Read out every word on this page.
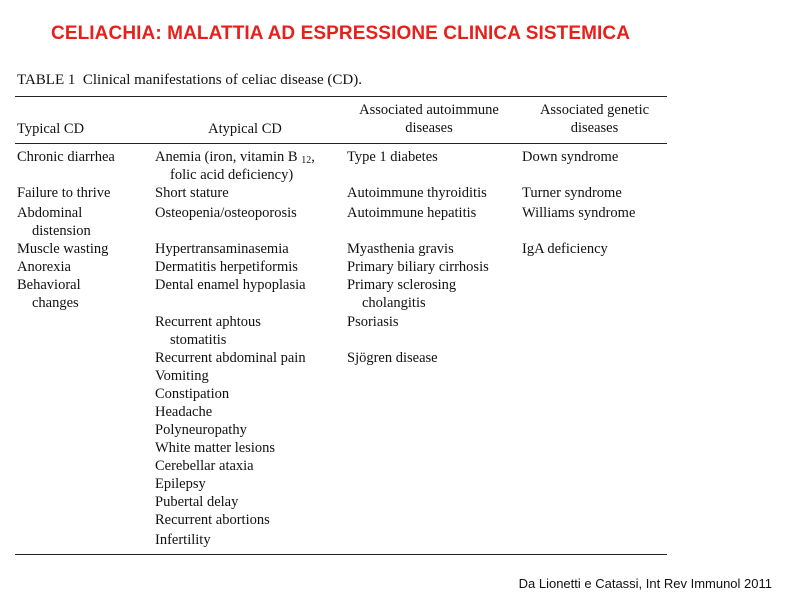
CELIACHIA: MALATTIA AD ESPRESSIONE CLINICA SISTEMICA
TABLE 1 Clinical manifestations of celiac disease (CD).
Typical CD	Atypical CD
Associated autoimmune
diseases
Associated genetic
diseases
Chronic diarrhea
Failure to thrive
Abdominal
distension
Muscle wasting
Anorexia
Behavioral
changes
Anemia (iron, vitamin B $_{12}$,
folic acid deficiency)
Short stature
Osteopenia/osteoporosis
Hypertransaminasemia
Dermatitis herpetiformis
Dental enamel hypoplasia
Recurrent aphtous
stomatitis
Recurrent abdominal pain
Vomiting
Constipation
Headache
Polyneuropathy
White matter lesions
Cerebellar ataxia
Epilepsy
Pubertal delay
Recurrent abortions
Infertility
Type 1 diabetes
Autoimmune thyroiditis
Autoimmune hepatitis
Myasthenia gravis
Primary biliary cirrhosis
Primary sclerosing
cholangitis
Psoriasis
Sjögren disease
Down syndrome
Turner syndrome
Williams syndrome
IgA deficiency
Da Lionetti e Catassi, Int Rev Immunol 2011
